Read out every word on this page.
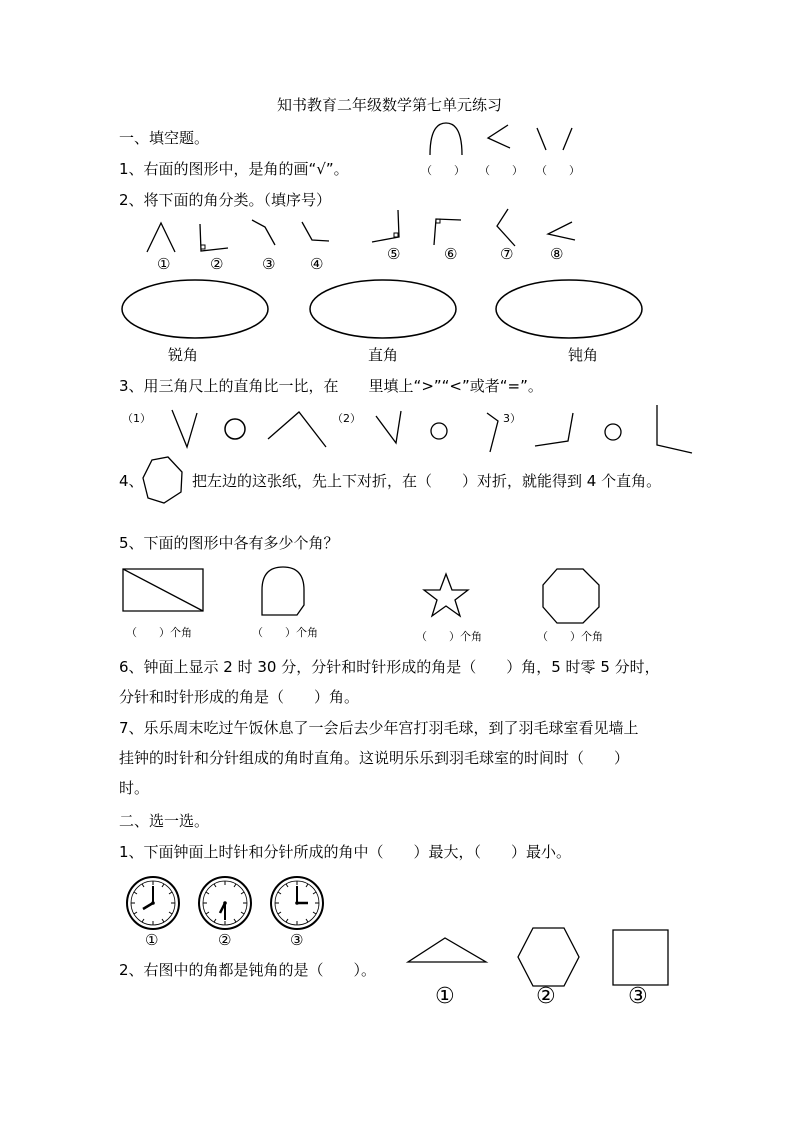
知书教育二年级数学第七单元练习
一、填空题。
1、右面的图形中，是角的画“√”。	（　　） （　　） （　　）
2、将下面的角分类。（填序号）
①	②	③ ④
⑤	⑥	⑦ ⑧
锐角	直角	钝角
3、用三角尺上的直角比一比，在　　里填上“>”“<”或者“=”。
（1）	（2）	3）
4、	把左边的这张纸，先上下对折，在（　　）对折，就能得到 4 个直角。
5、下面的图形中各有多少个角？
（　　）个角	（　　）个角	（　　）个角	（　　）个角
6、钟面上显示 2 时 30 分，分针和时针形成的角是（　　）角，5 时零 5 分时，
分针和时针形成的角是（　　）角。
7、乐乐周末吃过午饭休息了一会后去少年宫打羽毛球，到了羽毛球室看见墙上
挂钟的时针和分针组成的角时直角。这说明乐乐到羽毛球室的时间时（　　）
时。
二、选一选。
1、下面钟面上时针和分针所成的角中（　　）最大，（　　）最小。
①	②	③
2、右图中的角都是钝角的是（　　）。
①	②	③
